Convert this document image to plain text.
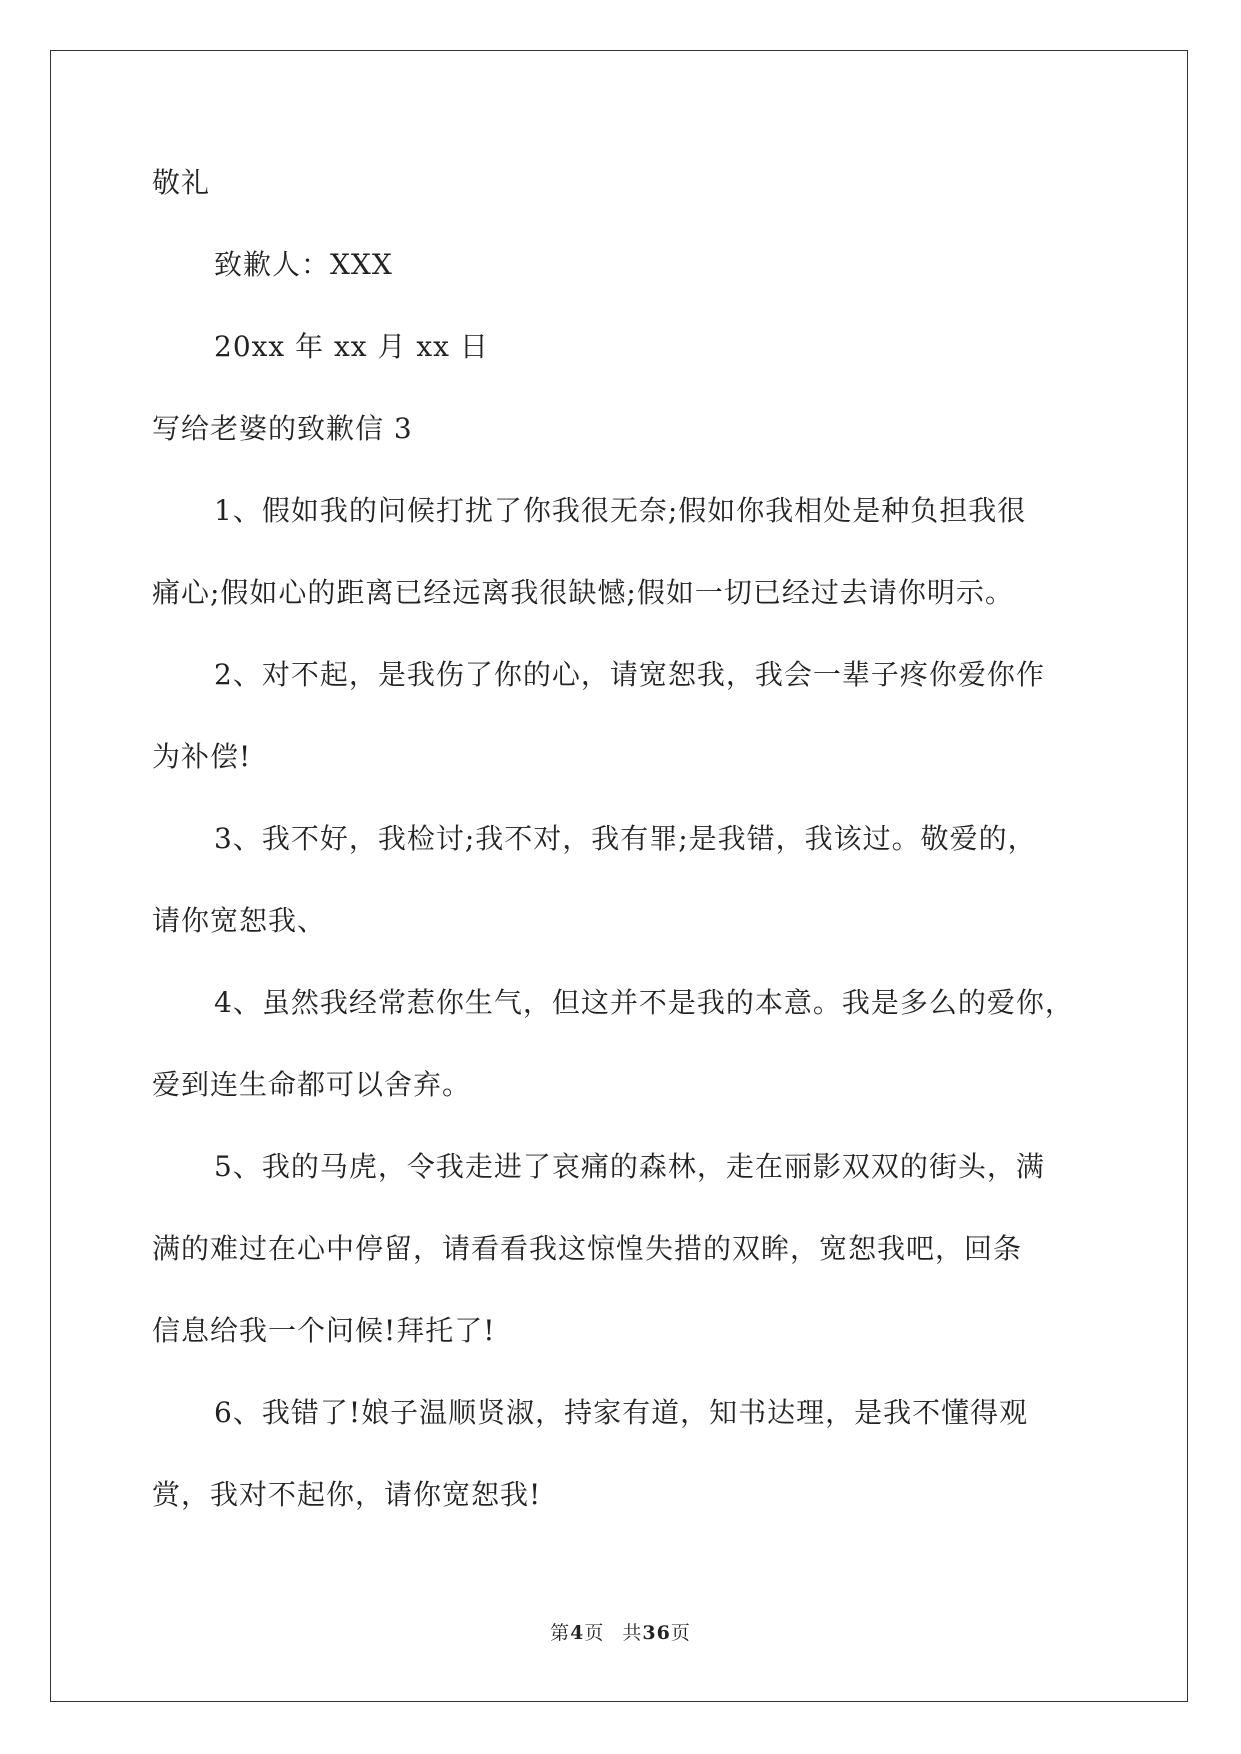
敬礼
致歉人：XXX
20xx 年 xx 月 xx 日
写给老婆的致歉信 3
1、假如我的问候打扰了你我很无奈;假如你我相处是种负担我很
痛心;假如心的距离已经远离我很缺憾;假如一切已经过去请你明示。
2、对不起，是我伤了你的心，请宽恕我，我会一辈子疼你爱你作
为补偿!
3、我不好，我检讨;我不对，我有罪;是我错，我该过。敬爱的，
请你宽恕我、
4、虽然我经常惹你生气，但这并不是我的本意。我是多么的爱你，
爱到连生命都可以舍弃。
5、我的马虎，令我走进了哀痛的森林，走在丽影双双的街头，满
满的难过在心中停留，请看看我这惊惶失措的双眸，宽恕我吧，回条
信息给我一个问候!拜托了!
6、我错了!娘子温顺贤淑，持家有道，知书达理，是我不懂得观
赏，我对不起你，请你宽恕我!
第4页 共36页
